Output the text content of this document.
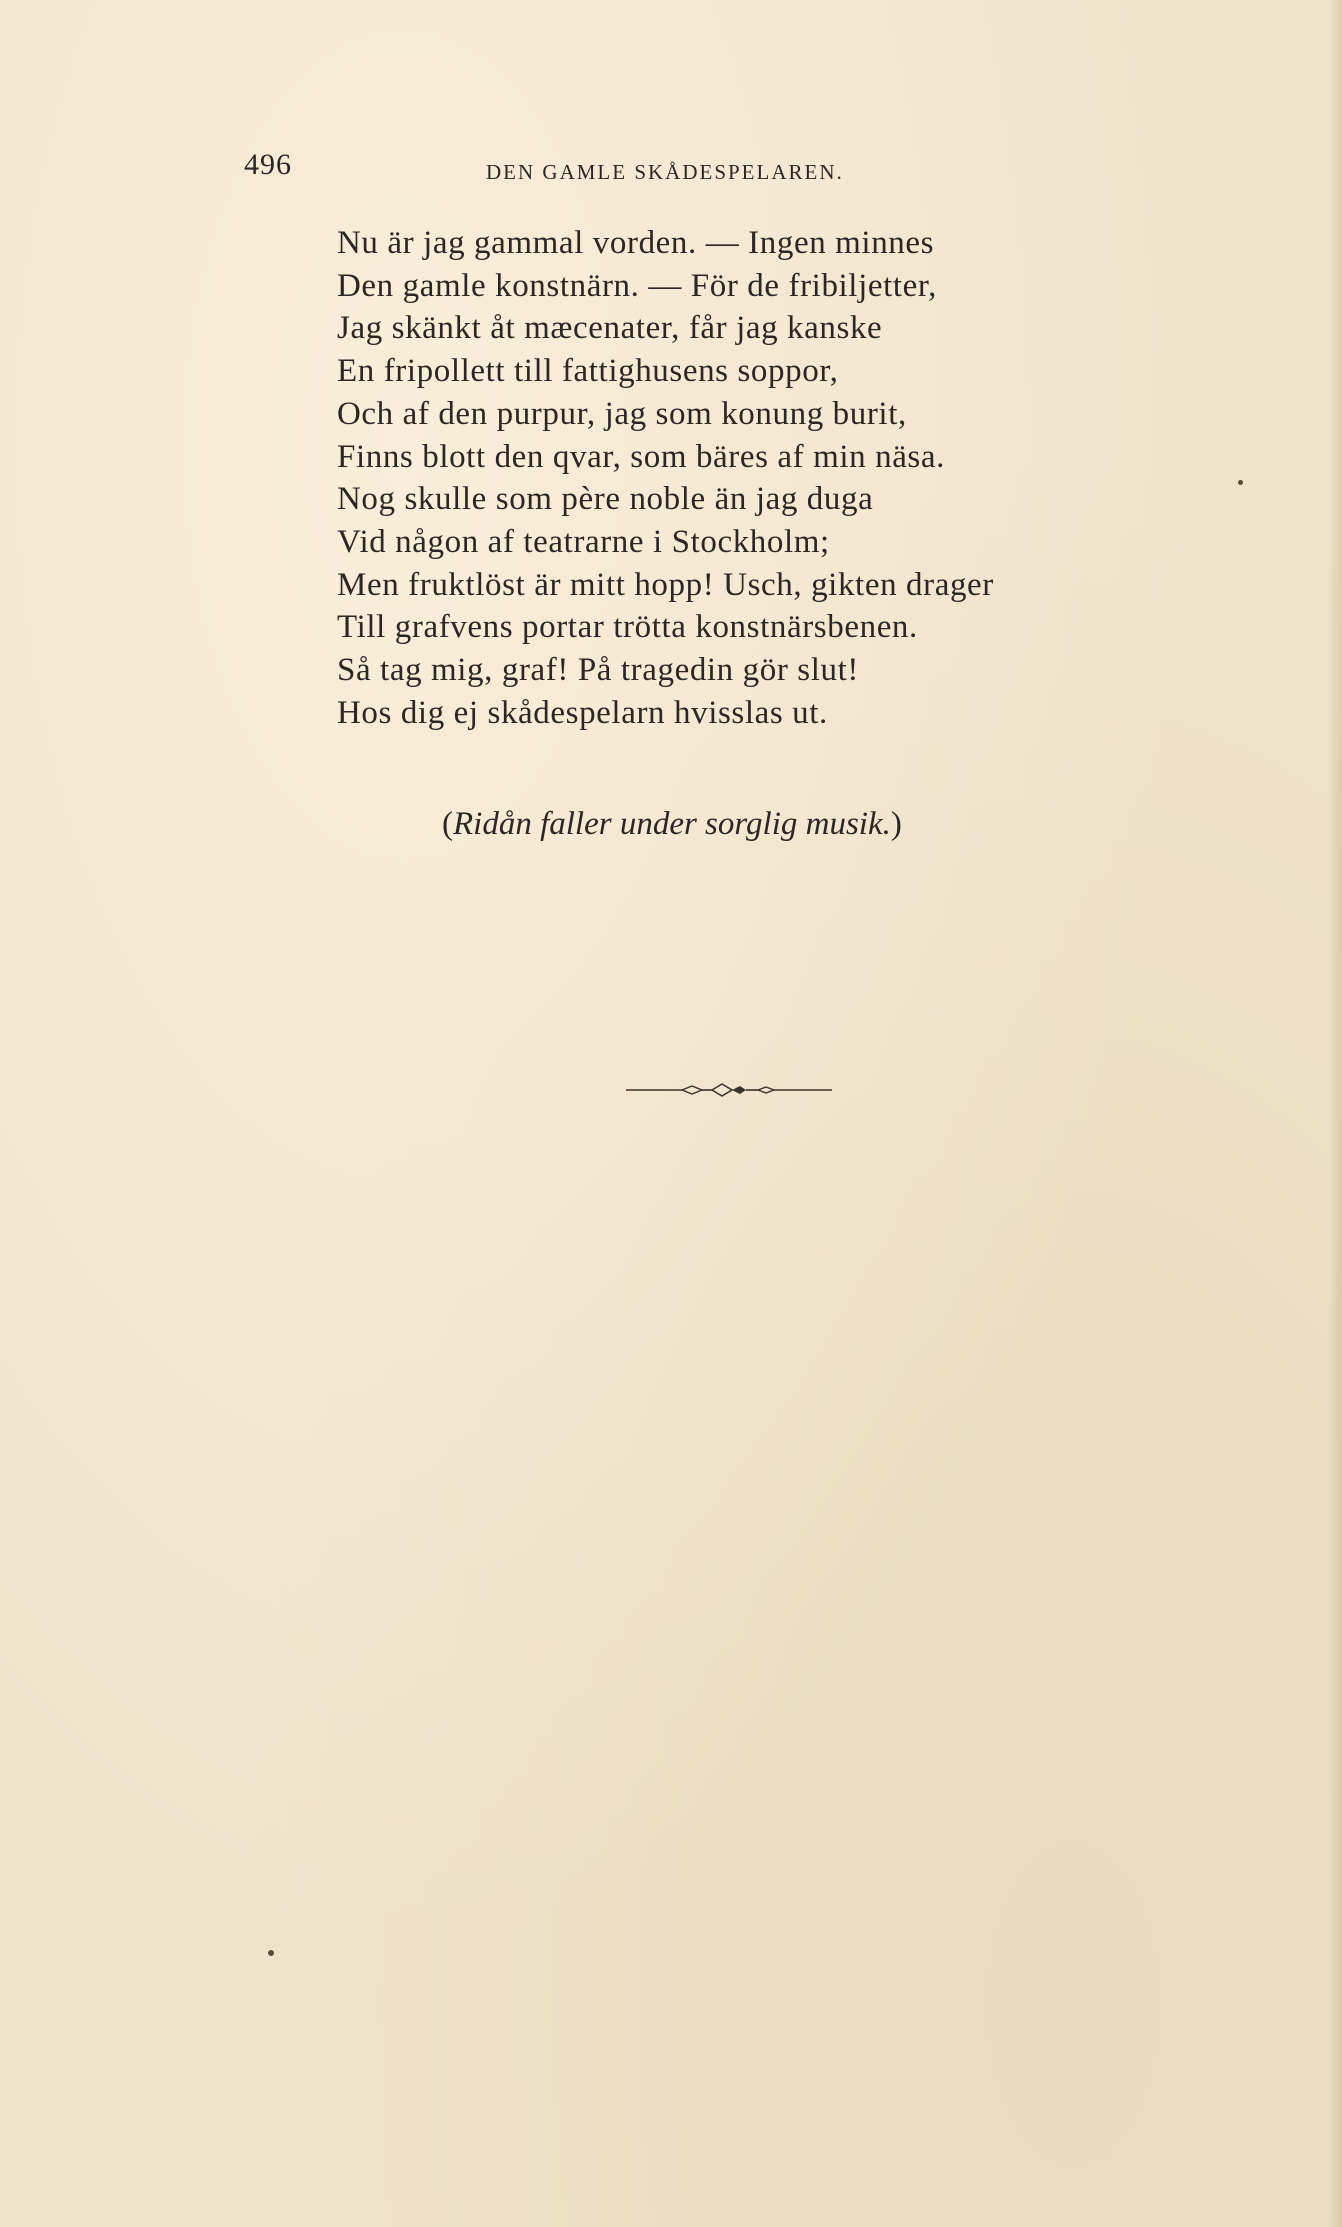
496	DEN GAMLE SKÅDESPELAREN.
Nu är jag gammal vorden. — Ingen minnes
Den gamle konstnärn. — För de fribiljetter,
Jag skänkt åt mæcenater, får jag kanske
En fripollett till fattighusens soppor,
Och af den purpur, jag som konung burit,
Finns blott den qvar, som bäres af min näsa.
Nog skulle som père noble än jag duga
Vid någon af teatrarne i Stockholm;
Men fruktlöst är mitt hopp! Usch, gikten drager
Till grafvens portar trötta konstnärsbenen.
Så tag mig, graf! På tragedin gör slut!
Hos dig ej skådespelarn hvisslas ut.
(Ridån faller under sorglig musik.)
